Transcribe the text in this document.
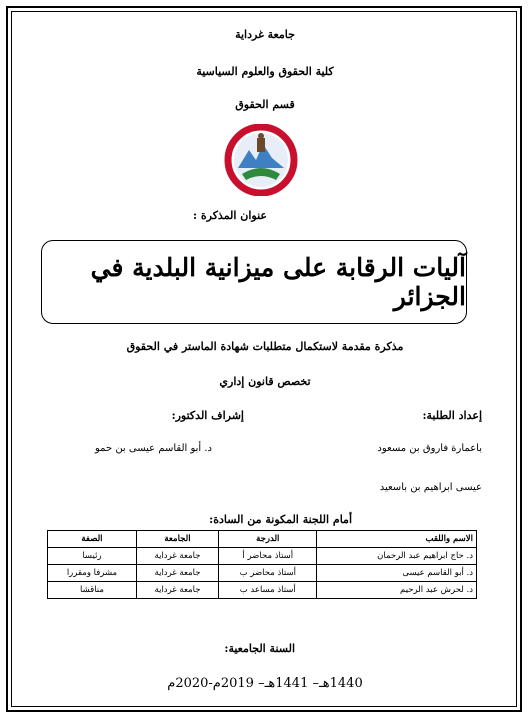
جامعة غرداية
كلية الحقوق والعلوم السياسية
قسم الحقوق
عنوان المذكرة :
آليات الرقابة على ميزانية البلدية في الجزائر
مذكرة مقدمة لاستكمال متطلبات شهادة الماستر في الحقوق
تخصص قانون إداري
إعداد الطلبة:
إشراف الدكتور:
باعمارة فاروق بن مسعود
عيسى ابراهيم بن باسعيد
د. أبو القاسم عيسى بن حمو
أمام اللجنة المكونة من السادة:
الاسم واللقب	الدرجة	الجامعة	الصفة
د. حاج ابراهيم عبد الرحمان	أستاذ محاضر أ	جامعة غرداية	رئيسا
د. أبو القاسم عيسى	أستاذ محاضر ب	جامعة غرداية	مشرفا ومقررا
د. لحرش عبد الرحيم	أستاذ مساعد ب	جامعة غرداية	مناقشا
السنة الجامعية:
1440هـ– 1441هـ– 2019م-2020م
